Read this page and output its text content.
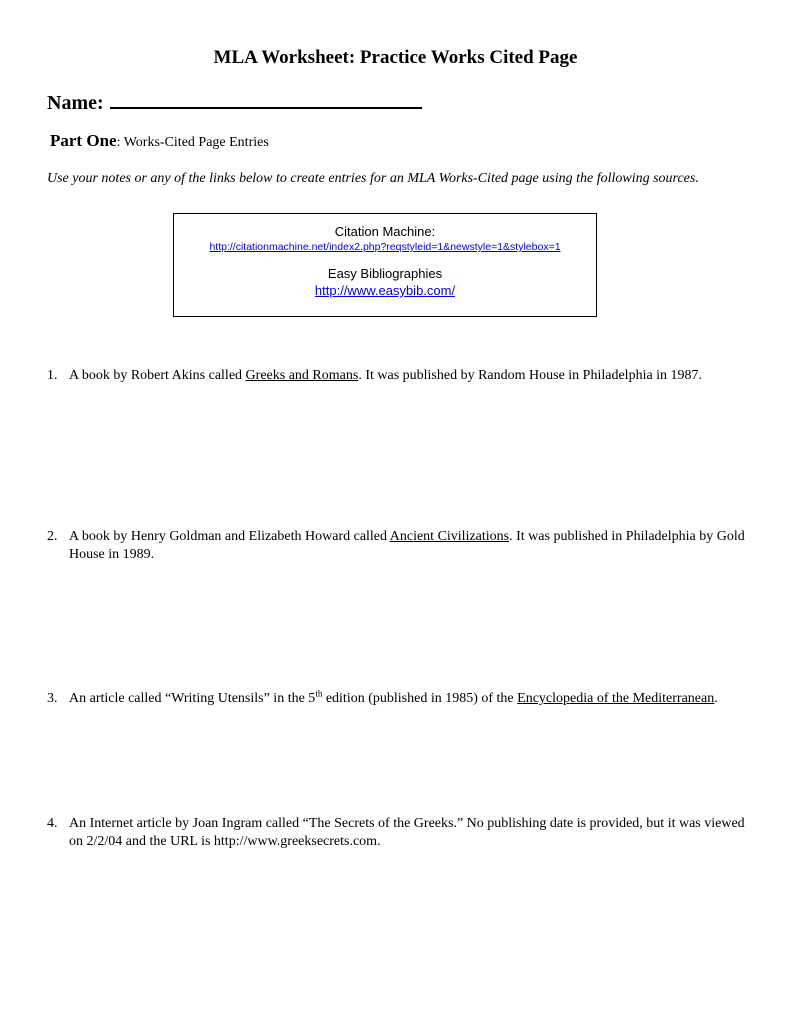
MLA Worksheet: Practice Works Cited Page
Name:
Part One: Works-Cited Page Entries
Use your notes or any of the links below to create entries for an MLA Works-Cited page using the following sources.
Citation Machine:
http://citationmachine.net/index2.php?reqstyleid=1&newstyle=1&stylebox=1
Easy Bibliographies
http://www.easybib.com/
1. A book by Robert Akins called Greeks and Romans. It was published by Random House in Philadelphia in 1987.
2. A book by Henry Goldman and Elizabeth Howard called Ancient Civilizations. It was published in Philadelphia by Gold House in 1989.
3. An article called “Writing Utensils” in the 5th edition (published in 1985) of the Encyclopedia of the Mediterranean.
4. An Internet article by Joan Ingram called “The Secrets of the Greeks.” No publishing date is provided, but it was viewed on 2/2/04 and the URL is http://www.greeksecrets.com.
